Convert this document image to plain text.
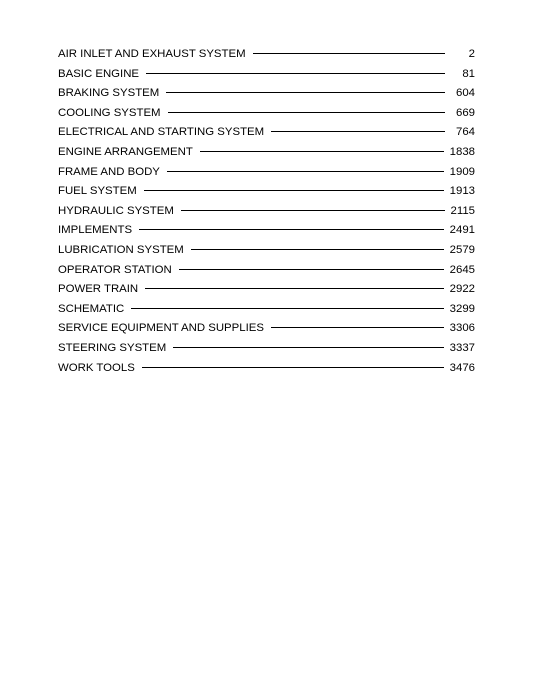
AIR INLET AND EXHAUST SYSTEM	2
BASIC ENGINE	81
BRAKING SYSTEM	604
COOLING SYSTEM	669
ELECTRICAL AND STARTING SYSTEM	764
ENGINE ARRANGEMENT	1838
FRAME AND BODY	1909
FUEL SYSTEM	1913
HYDRAULIC SYSTEM	2115
IMPLEMENTS	2491
LUBRICATION SYSTEM	2579
OPERATOR STATION	2645
POWER TRAIN	2922
SCHEMATIC	3299
SERVICE EQUIPMENT AND SUPPLIES	3306
STEERING SYSTEM	3337
WORK TOOLS	3476
